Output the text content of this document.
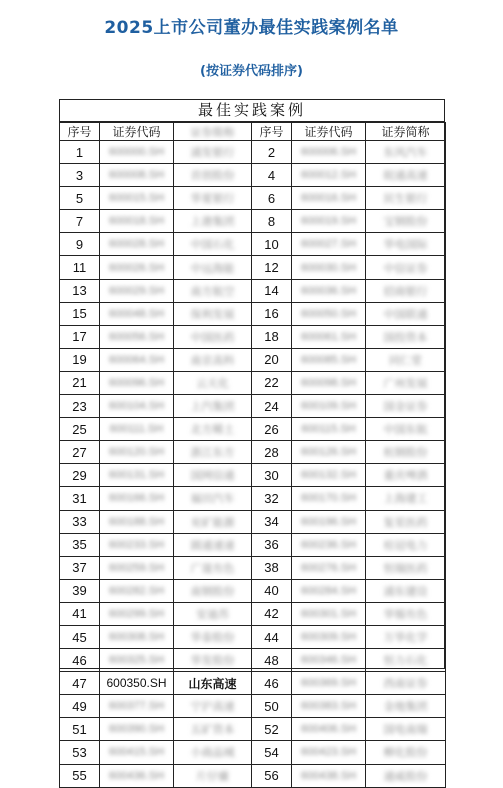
2025上市公司董办最佳实践案例名单
(按证券代码排序)
最佳实践案例
序号	证券代码	证券简称	序号	证券代码	证券简称
1	600000.SH	浦发银行	2	600006.SH	东风汽车
3	600008.SH	首创股份	4	600012.SH	皖通高速
5	600015.SH	华夏银行	6	600016.SH	民生银行
7	600018.SH	上港集团	8	600019.SH	宝钢股份
9	600028.SH	中国石化	10	600027.SH	华电国际
11	600026.SH	中远海能	12	600030.SH	中信证券
13	600029.SH	南方航空	14	600036.SH	招商银行
15	600048.SH	保利发展	16	600050.SH	中国联通
17	600056.SH	中国医药	18	600061.SH	国投资本
19	600064.SH	南京高科	20	600085.SH	同仁堂
21	600096.SH	云天化	22	600098.SH	广州发展
23	600104.SH	上汽集团	24	600109.SH	国金证券
25	600111.SH	北方稀土	26	600115.SH	中国东航
27	600120.SH	浙江东方	28	600126.SH	杭钢股份
29	600131.SH	国网信通	30	600132.SH	重庆啤酒
31	600166.SH	福田汽车	32	600170.SH	上海建工
33	600188.SH	兖矿能源	34	600196.SH	复星医药
35	600233.SH	圆通速递	36	600236.SH	桂冠电力
37	600259.SH	广晟有色	38	600276.SH	恒瑞医药
39	600282.SH	南钢股份	40	600284.SH	浦东建设
41	600299.SH	安迪苏	42	600301.SH	华锡有色
45	600308.SH	华泰股份	44	600309.SH	万华化学
46	600325.SH	华发股份	48	600346.SH	恒力石化
47	600350.SH	山东高速	46	600369.SH	西南证券
49	600377.SH	宁沪高速	50	600383.SH	金地集团
51	600390.SH	五矿资本	52	600406.SH	国电南瑞
53	600415.SH	小商品城	54	600423.SH	柳化股份
55	600436.SH	片仔癀	56	600438.SH	通威股份
